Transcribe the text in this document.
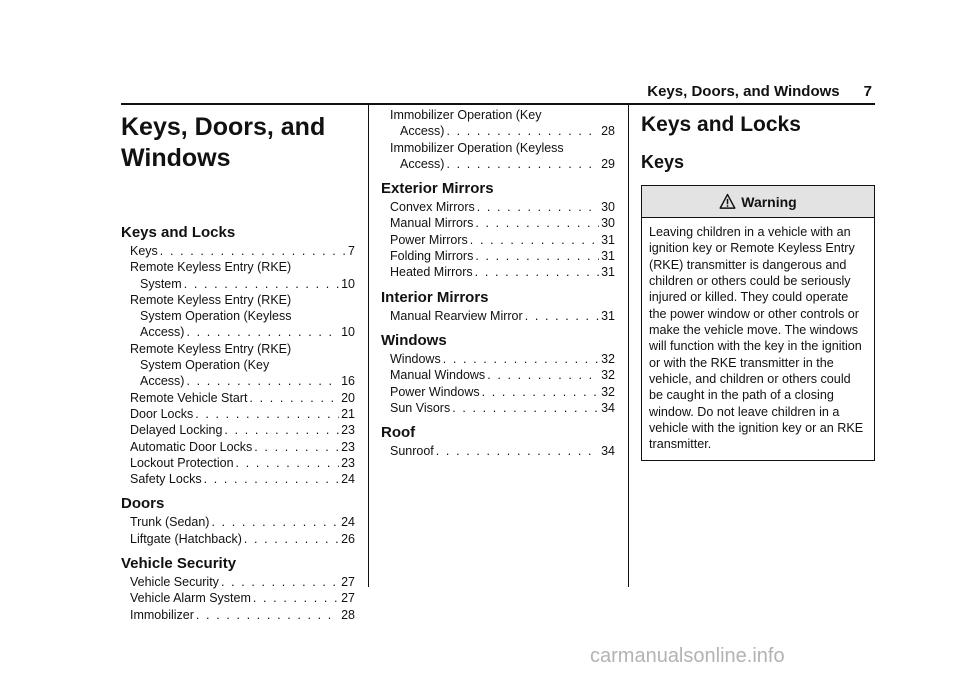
Keys, Doors, and Windows 7
Keys, Doors, and
Windows
Keys and Locks
Keys . . .	7
Remote Keyless Entry (RKE)
System . . .	10
Remote Keyless Entry (RKE)
System Operation (Keyless
Access) . . .	10
Remote Keyless Entry (RKE)
System Operation (Key
Access) . . .	16
Remote Vehicle Start . . .	20
Door Locks . . .	21
Delayed Locking . . .	23
Automatic Door Locks . . .	23
Lockout Protection . . .	23
Safety Locks . . .	24
Doors
Trunk (Sedan) . . .	24
Liftgate (Hatchback) . . .	26
Vehicle Security
Vehicle Security . . .	27
Vehicle Alarm System . . .	27
Immobilizer . . .	28
Immobilizer Operation (Key
Access) . . .	28
Immobilizer Operation (Keyless
Access) . . .	29
Exterior Mirrors
Convex Mirrors . . .	30
Manual Mirrors . . .	30
Power Mirrors . . .	31
Folding Mirrors . . .	31
Heated Mirrors . . .	31
Interior Mirrors
Manual Rearview Mirror . . .	31
Windows
Windows . . .	32
Manual Windows . . .	32
Power Windows . . .	32
Sun Visors . . .	34
Roof
Sunroof . . .	34
Keys and Locks
Keys
Warning
Leaving children in a vehicle with an ignition key or Remote Keyless Entry (RKE) transmitter is dangerous and children or others could be seriously injured or killed. They could operate the power window or other controls or make the vehicle move. The windows will function with the key in the ignition or with the RKE transmitter in the vehicle, and children or others could be caught in the path of a closing window. Do not leave children in a vehicle with the ignition key or an RKE transmitter.
carmanualsonline.info
